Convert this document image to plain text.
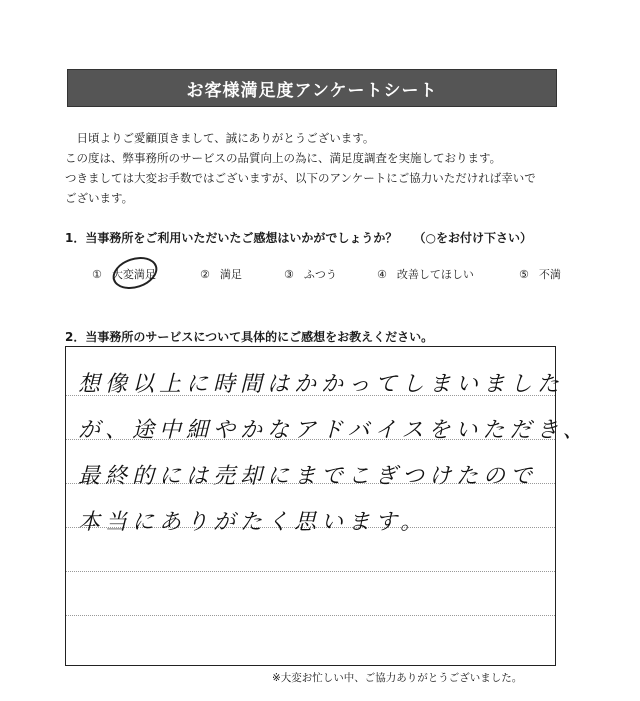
お客様満足度アンケートシート

　日頃よりご愛顧頂きまして、誠にありがとうございます。

この度は、弊事務所のサービスの品質向上の為に、満足度調査を実施しております。

つきましては大変お手数ではございますが、以下のアンケートにご協力いただければ幸いで

ございます。

1．当事務所をご利用いただいたご感想はいかがでしょうか？ （○をお付け下さい）
① 大変満足	② 満足	③ ふつう	④ 改善してほしい	⑤ 不満
2．当事務所のサービスについて具体的にご感想をお教えください。
想像以上に時間はかかってしまいました
が、途中細やかなアドバイスをいただき、
最終的には売却にまでこぎつけたので
本当にありがたく思います。
※大変お忙しい中、ご協力ありがとうございました。
